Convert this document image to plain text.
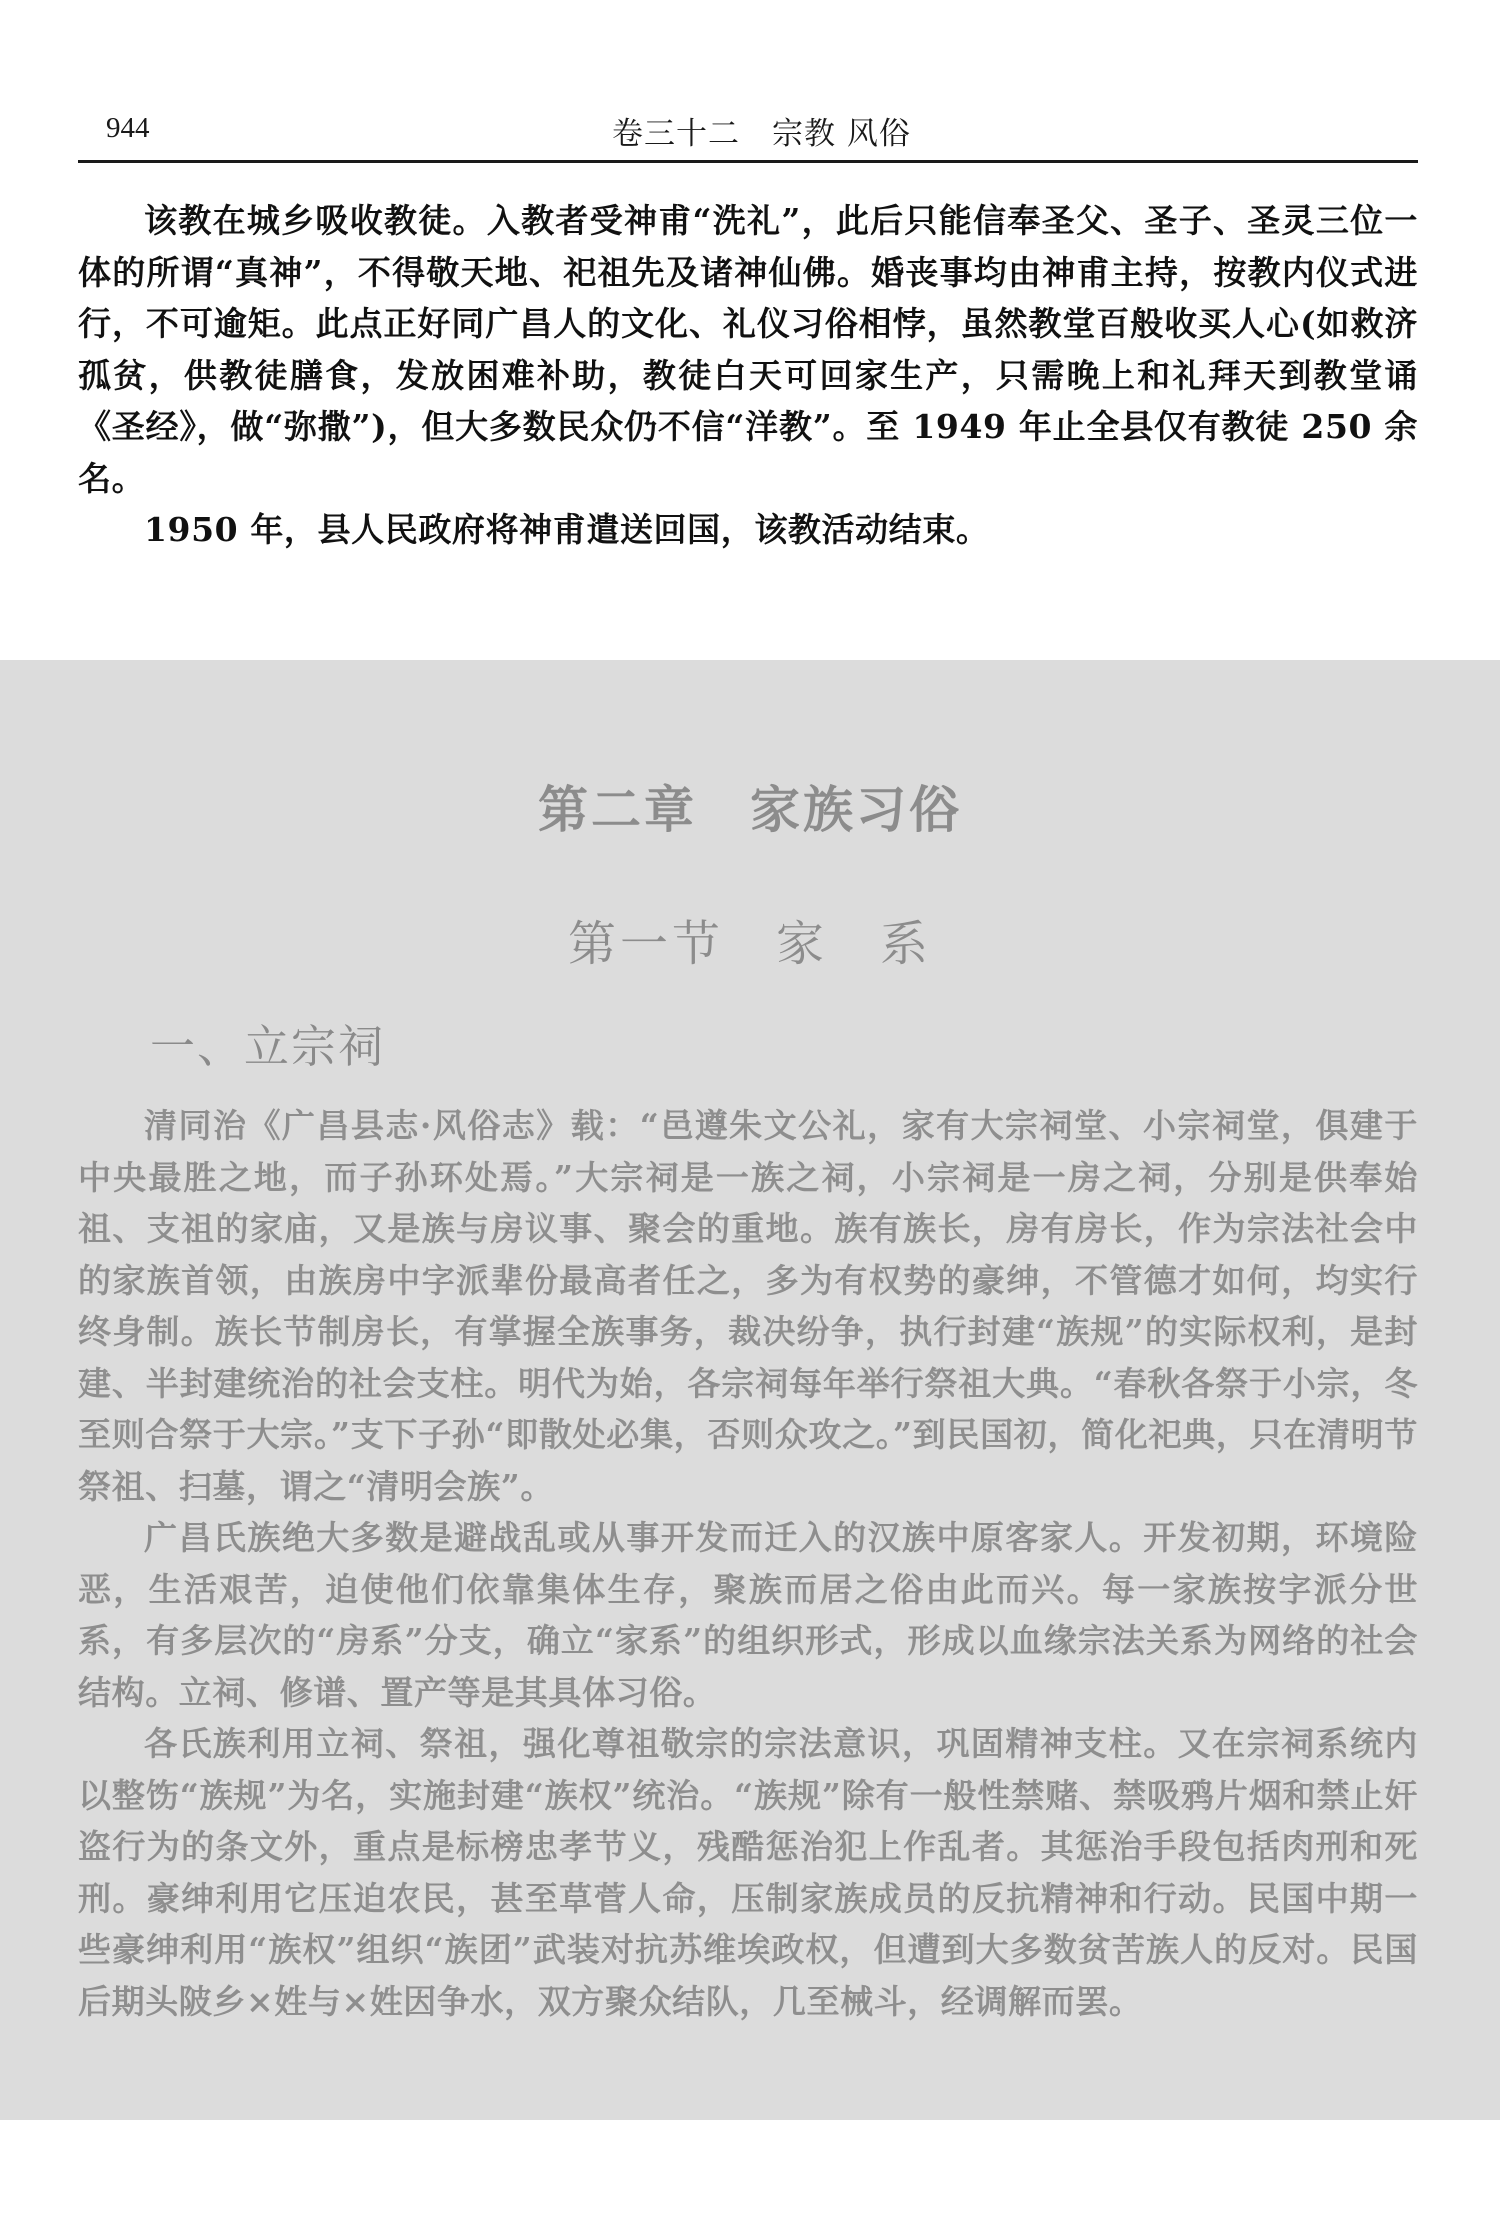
944	卷三十二　宗教 风俗

该教在城乡吸收教徒。入教者受神甫“洗礼”，此后只能信奉圣父、圣子、圣灵三位一体的所谓“真神”，不得敬天地、祀祖先及诸神仙佛。婚丧事均由神甫主持，按教内仪式进行，不可逾矩。此点正好同广昌人的文化、礼仪习俗相悖，虽然教堂百般收买人心(如救济孤贫，供教徒膳食，发放困难补助，教徒白天可回家生产，只需晚上和礼拜天到教堂诵《圣经》，做“弥撒”)，但大多数民众仍不信“洋教”。至 1949 年止全县仅有教徒 250 余名。

1950 年，县人民政府将神甫遣送回国，该教活动结束。

第二章　家族习俗
第一节　家　系
一、立宗祠

清同治《广昌县志·风俗志》载：“邑遵朱文公礼，家有大宗祠堂、小宗祠堂，俱建于中央最胜之地，而子孙环处焉。”大宗祠是一族之祠，小宗祠是一房之祠，分别是供奉始祖、支祖的家庙，又是族与房议事、聚会的重地。族有族长，房有房长，作为宗法社会中的家族首领，由族房中字派辈份最高者任之，多为有权势的豪绅，不管德才如何，均实行终身制。族长节制房长，有掌握全族事务，裁决纷争，执行封建“族规”的实际权利，是封建、半封建统治的社会支柱。明代为始，各宗祠每年举行祭祖大典。“春秋各祭于小宗，冬至则合祭于大宗。”支下子孙“即散处必集，否则众攻之。”到民国初，简化祀典，只在清明节祭祖、扫墓，谓之“清明会族”。

广昌氏族绝大多数是避战乱或从事开发而迁入的汉族中原客家人。开发初期，环境险恶，生活艰苦，迫使他们依靠集体生存，聚族而居之俗由此而兴。每一家族按字派分世系，有多层次的“房系”分支，确立“家系”的组织形式，形成以血缘宗法关系为网络的社会结构。立祠、修谱、置产等是其具体习俗。

各氏族利用立祠、祭祖，强化尊祖敬宗的宗法意识，巩固精神支柱。又在宗祠系统内以整饬“族规”为名，实施封建“族权”统治。“族规”除有一般性禁赌、禁吸鸦片烟和禁止奸盗行为的条文外，重点是标榜忠孝节义，残酷惩治犯上作乱者。其惩治手段包括肉刑和死刑。豪绅利用它压迫农民，甚至草菅人命，压制家族成员的反抗精神和行动。民国中期一些豪绅利用“族权”组织“族团”武装对抗苏维埃政权，但遭到大多数贫苦族人的反对。民国后期头陂乡×姓与×姓因争水，双方聚众结队，几至械斗，经调解而罢。
